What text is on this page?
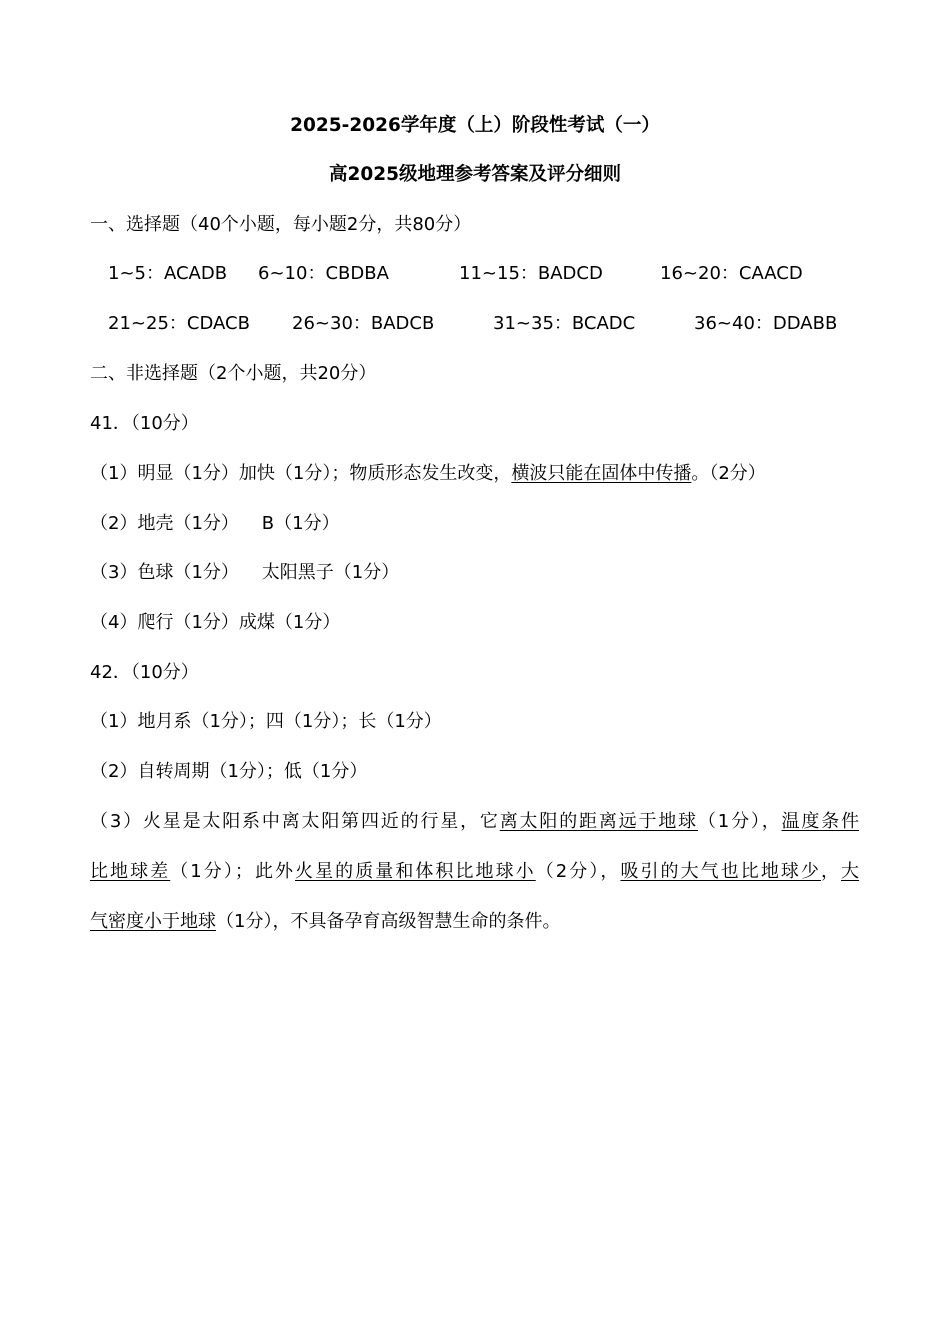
2025-2026学年度（上）阶段性考试（一）
高2025级地理参考答案及评分细则
一、选择题（40个小题，每小题2分，共80分）
1~5：ACADB 6~10：CBDBA	11~15：BADCD	16~20：CAACD
21~25：CDACB 26~30：BADCB	31~35：BCADC	36~40：DDABB
二、非选择题（2个小题，共20分）
41．（10分）
（1）明显（1分）加快（1分）；物质形态发生改变，横波只能在固体中传播。（2分）
（2）地壳（1分）    B（1分）
（3）色球（1分）    太阳黑子（1分）
（4）爬行（1分）成煤（1分）
42．（10分）
（1）地月系（1分）；四（1分）；长（1分）
（2）自转周期（1分）；低（1分）
（3）火星是太阳系中离太阳第四近的行星，它离太阳的距离远于地球（1分），温度条件
比地球差（1分）；此外火星的质量和体积比地球小（2分），吸引的大气也比地球少，大
气密度小于地球（1分），不具备孕育高级智慧生命的条件。
